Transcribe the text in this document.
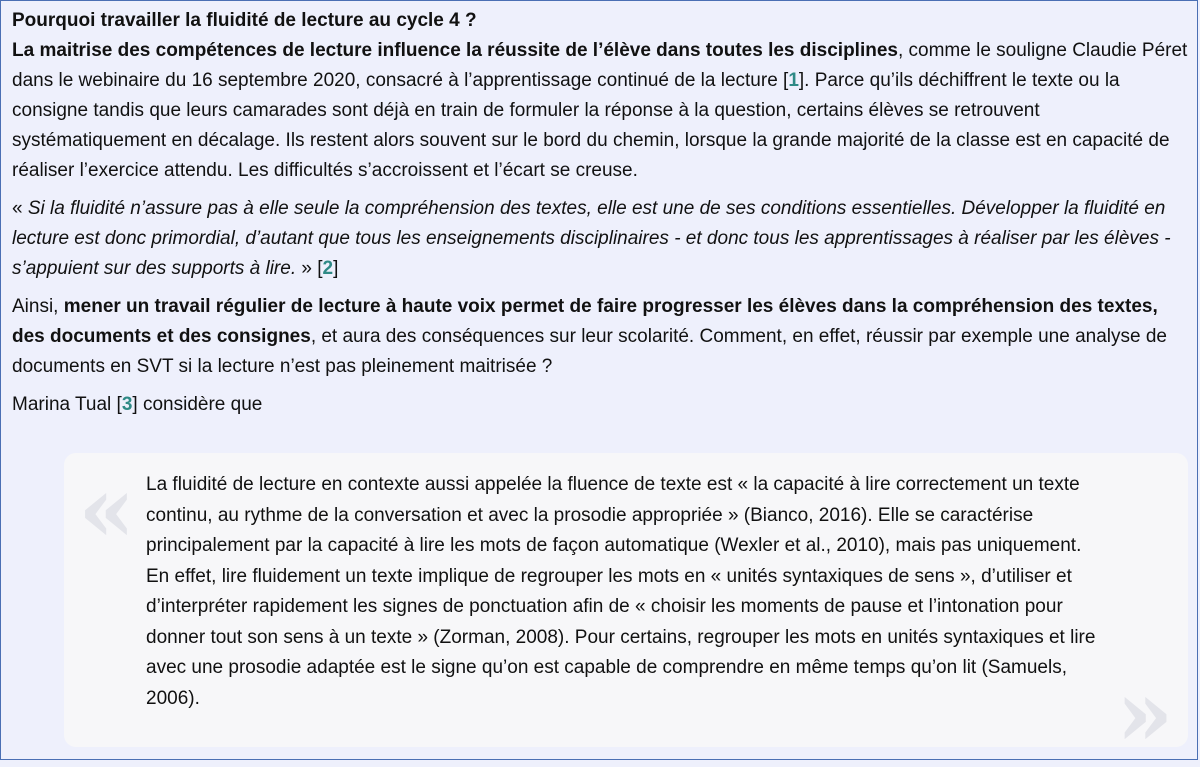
Pourquoi travailler la fluidité de lecture au cycle 4 ?

La maitrise des compétences de lecture influence la réussite de l’élève dans toutes les disciplines, comme le souligne Claudie Péret dans le webinaire du 16 septembre 2020, consacré à l’apprentissage continué de la lecture [1]. Parce qu’ils déchiffrent le texte ou la consigne tandis que leurs camarades sont déjà en train de formuler la réponse à la question, certains élèves se retrouvent systématiquement en décalage. Ils restent alors souvent sur le bord du chemin, lorsque la grande majorité de la classe est en capacité de réaliser l’exercice attendu. Les difficultés s’accroissent et l’écart se creuse.

« Si la fluidité n’assure pas à elle seule la compréhension des textes, elle est une de ses conditions essentielles. Développer la fluidité en lecture est donc primordial, d’autant que tous les enseignements disciplinaires - et donc tous les apprentissages à réaliser par les élèves - s’appuient sur des supports à lire. » [2]

Ainsi, mener un travail régulier de lecture à haute voix permet de faire progresser les élèves dans la compréhension des textes, des documents et des consignes, et aura des conséquences sur leur scolarité. Comment, en effet, réussir par exemple une analyse de documents en SVT si la lecture n’est pas pleinement maitrisée ?

Marina Tual [3] considère que

« La fluidité de lecture en contexte aussi appelée la fluence de texte est « la capacité à lire correctement un texte continu, au rythme de la conversation et avec la prosodie appropriée » (Bianco, 2016). Elle se caractérise principalement par la capacité à lire les mots de façon automatique (Wexler et al., 2010), mais pas uniquement. En effet, lire fluidement un texte implique de regrouper les mots en « unités syntaxiques de sens », d’utiliser et d’interpréter rapidement les signes de ponctuation afin de « choisir les moments de pause et l’intonation pour donner tout son sens à un texte » (Zorman, 2008). Pour certains, regrouper les mots en unités syntaxiques et lire avec une prosodie adaptée est le signe qu’on est capable de comprendre en même temps qu’on lit (Samuels, 2006).	»
